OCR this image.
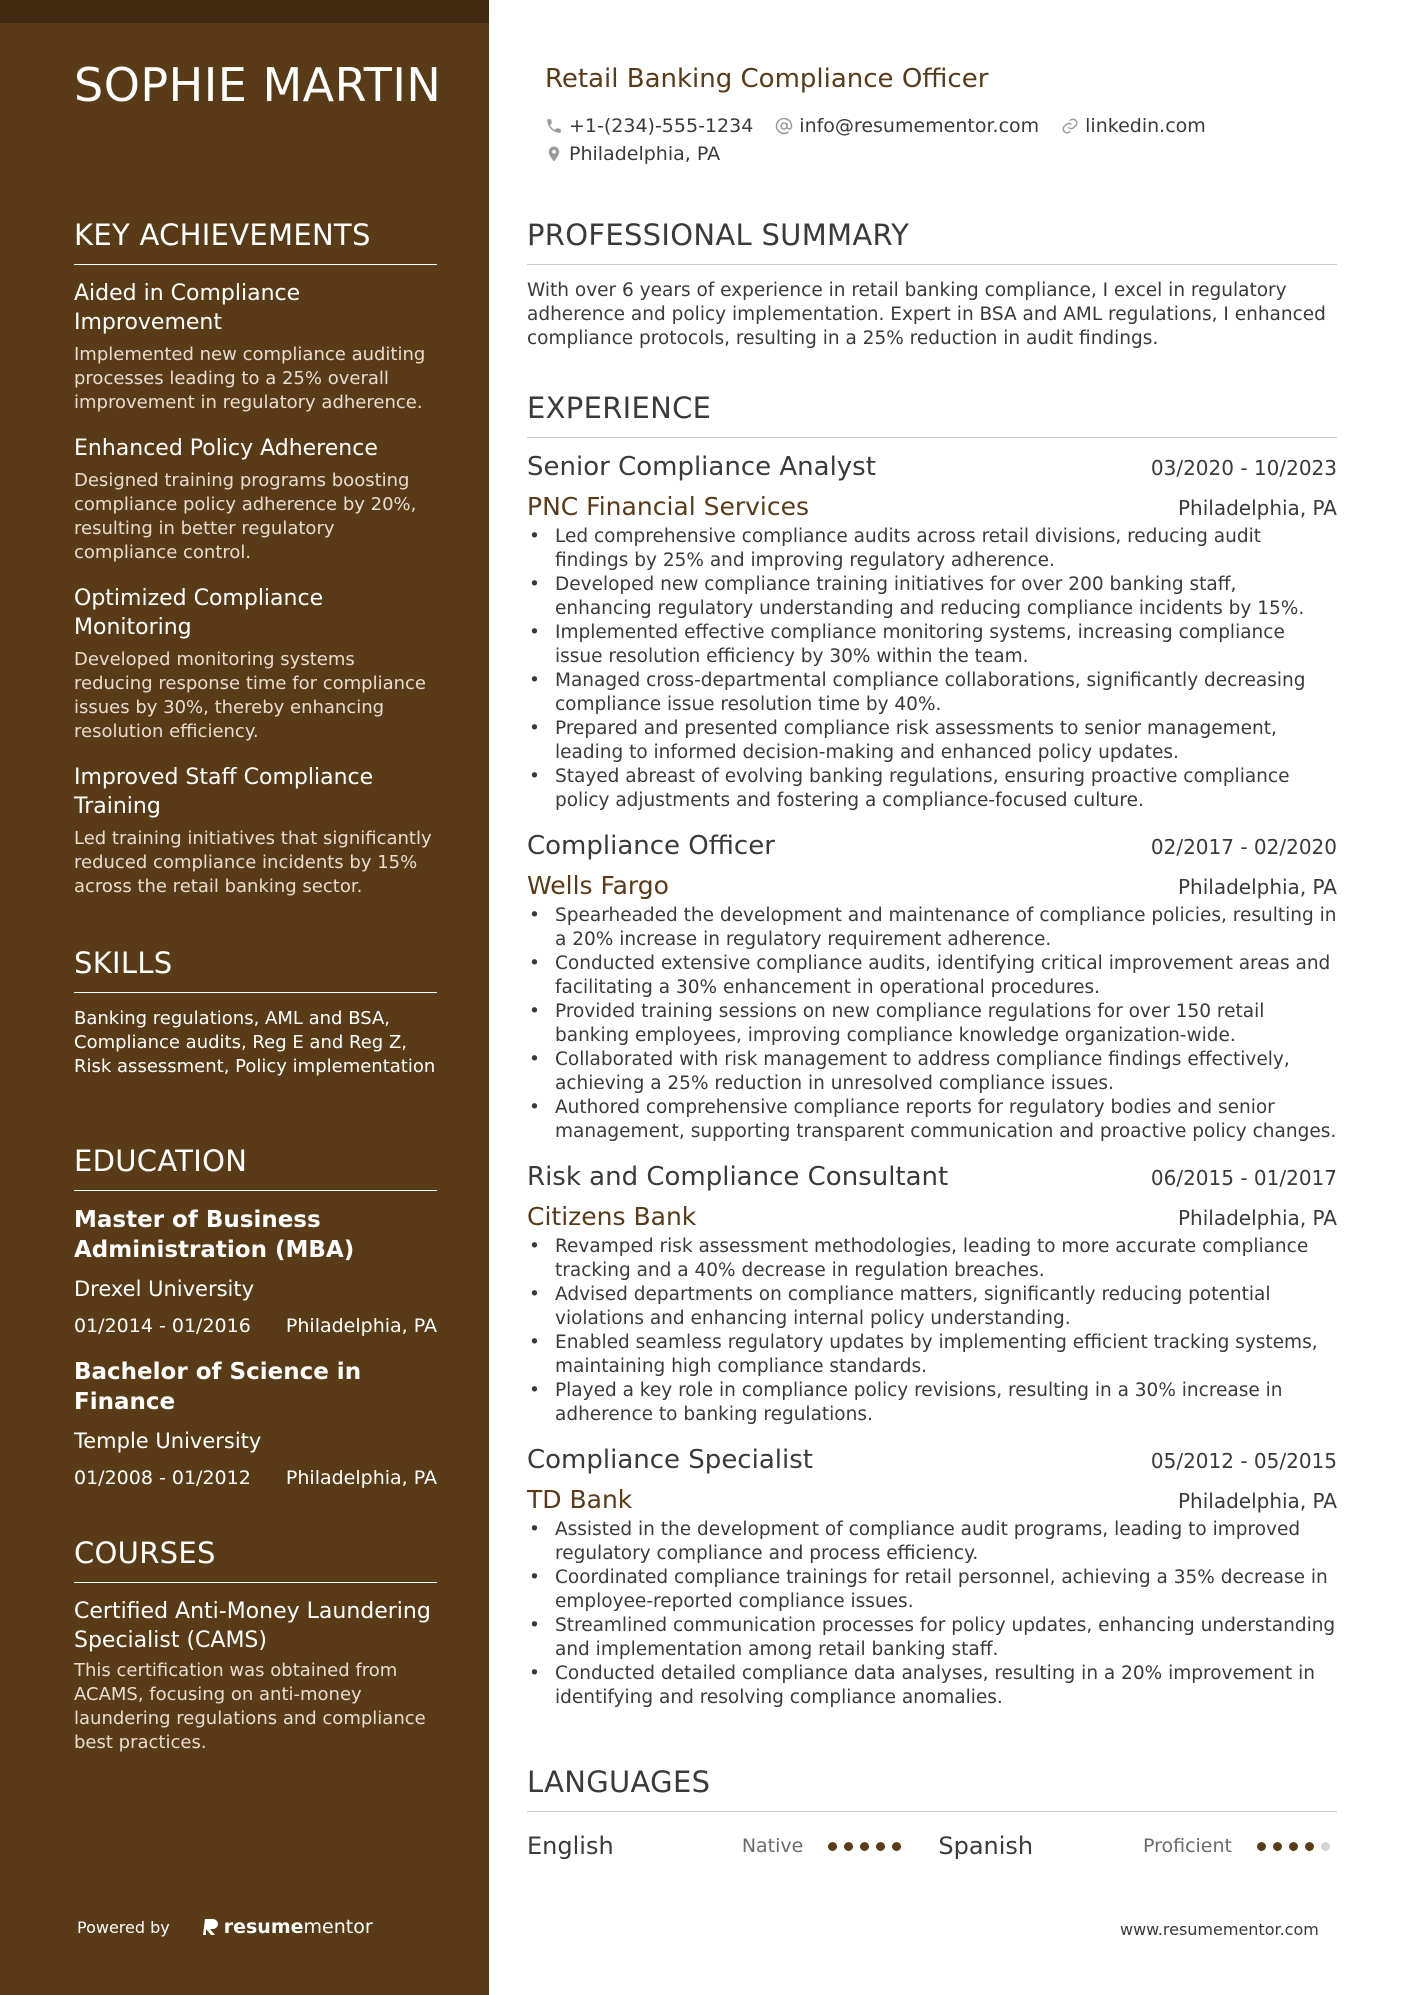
SOPHIE MARTIN
KEY ACHIEVEMENTS
Aided in Compliance Improvement
Implemented new compliance auditing processes leading to a 25% overall improvement in regulatory adherence.
Enhanced Policy Adherence
Designed training programs boosting compliance policy adherence by 20%, resulting in better regulatory compliance control.
Optimized Compliance Monitoring
Developed monitoring systems reducing response time for compliance issues by 30%, thereby enhancing resolution efficiency.
Improved Staff Compliance Training
Led training initiatives that significantly reduced compliance incidents by 15% across the retail banking sector.
SKILLS
Banking regulations, AML and BSA, Compliance audits, Reg E and Reg Z, Risk assessment, Policy implementation
EDUCATION
Master of Business Administration (MBA)
Drexel University
01/2014 - 01/2016 Philadelphia, PA
Bachelor of Science in Finance
Temple University
01/2008 - 01/2012 Philadelphia, PA
COURSES
Certified Anti-Money Laundering Specialist (CAMS)
This certification was obtained from ACAMS, focusing on anti-money laundering regulations and compliance best practices.
Powered by	resume mentor
Retail Banking Compliance Officer
+1-(234)-555-1234 info@resumementor.com linkedin.com
Philadelphia, PA
PROFESSIONAL SUMMARY
With over 6 years of experience in retail banking compliance, I excel in regulatory adherence and policy implementation. Expert in BSA and AML regulations, I enhanced compliance protocols, resulting in a 25% reduction in audit findings.
EXPERIENCE
Senior Compliance Analyst	03/2020 - 10/2023
PNC Financial Services	Philadelphia, PA
• Led comprehensive compliance audits across retail divisions, reducing audit findings by 25% and improving regulatory adherence.
• Developed new compliance training initiatives for over 200 banking staff, enhancing regulatory understanding and reducing compliance incidents by 15%.
• Implemented effective compliance monitoring systems, increasing compliance issue resolution efficiency by 30% within the team.
• Managed cross-departmental compliance collaborations, significantly decreasing compliance issue resolution time by 40%.
• Prepared and presented compliance risk assessments to senior management, leading to informed decision-making and enhanced policy updates.
• Stayed abreast of evolving banking regulations, ensuring proactive compliance policy adjustments and fostering a compliance-focused culture.
Compliance Officer	02/2017 - 02/2020
Wells Fargo	Philadelphia, PA
• Spearheaded the development and maintenance of compliance policies, resulting in a 20% increase in regulatory requirement adherence.
• Conducted extensive compliance audits, identifying critical improvement areas and facilitating a 30% enhancement in operational procedures.
• Provided training sessions on new compliance regulations for over 150 retail banking employees, improving compliance knowledge organization-wide.
• Collaborated with risk management to address compliance findings effectively, achieving a 25% reduction in unresolved compliance issues.
• Authored comprehensive compliance reports for regulatory bodies and senior management, supporting transparent communication and proactive policy changes.
Risk and Compliance Consultant	06/2015 - 01/2017
Citizens Bank	Philadelphia, PA
• Revamped risk assessment methodologies, leading to more accurate compliance tracking and a 40% decrease in regulation breaches.
• Advised departments on compliance matters, significantly reducing potential violations and enhancing internal policy understanding.
• Enabled seamless regulatory updates by implementing efficient tracking systems, maintaining high compliance standards.
• Played a key role in compliance policy revisions, resulting in a 30% increase in adherence to banking regulations.
Compliance Specialist	05/2012 - 05/2015
TD Bank	Philadelphia, PA
• Assisted in the development of compliance audit programs, leading to improved regulatory compliance and process efficiency.
• Coordinated compliance trainings for retail personnel, achieving a 35% decrease in employee-reported compliance issues.
• Streamlined communication processes for policy updates, enhancing understanding and implementation among retail banking staff.
• Conducted detailed compliance data analyses, resulting in a 20% improvement in identifying and resolving compliance anomalies.
LANGUAGES
English	Native	Spanish	Proficient
www.resumementor.com
